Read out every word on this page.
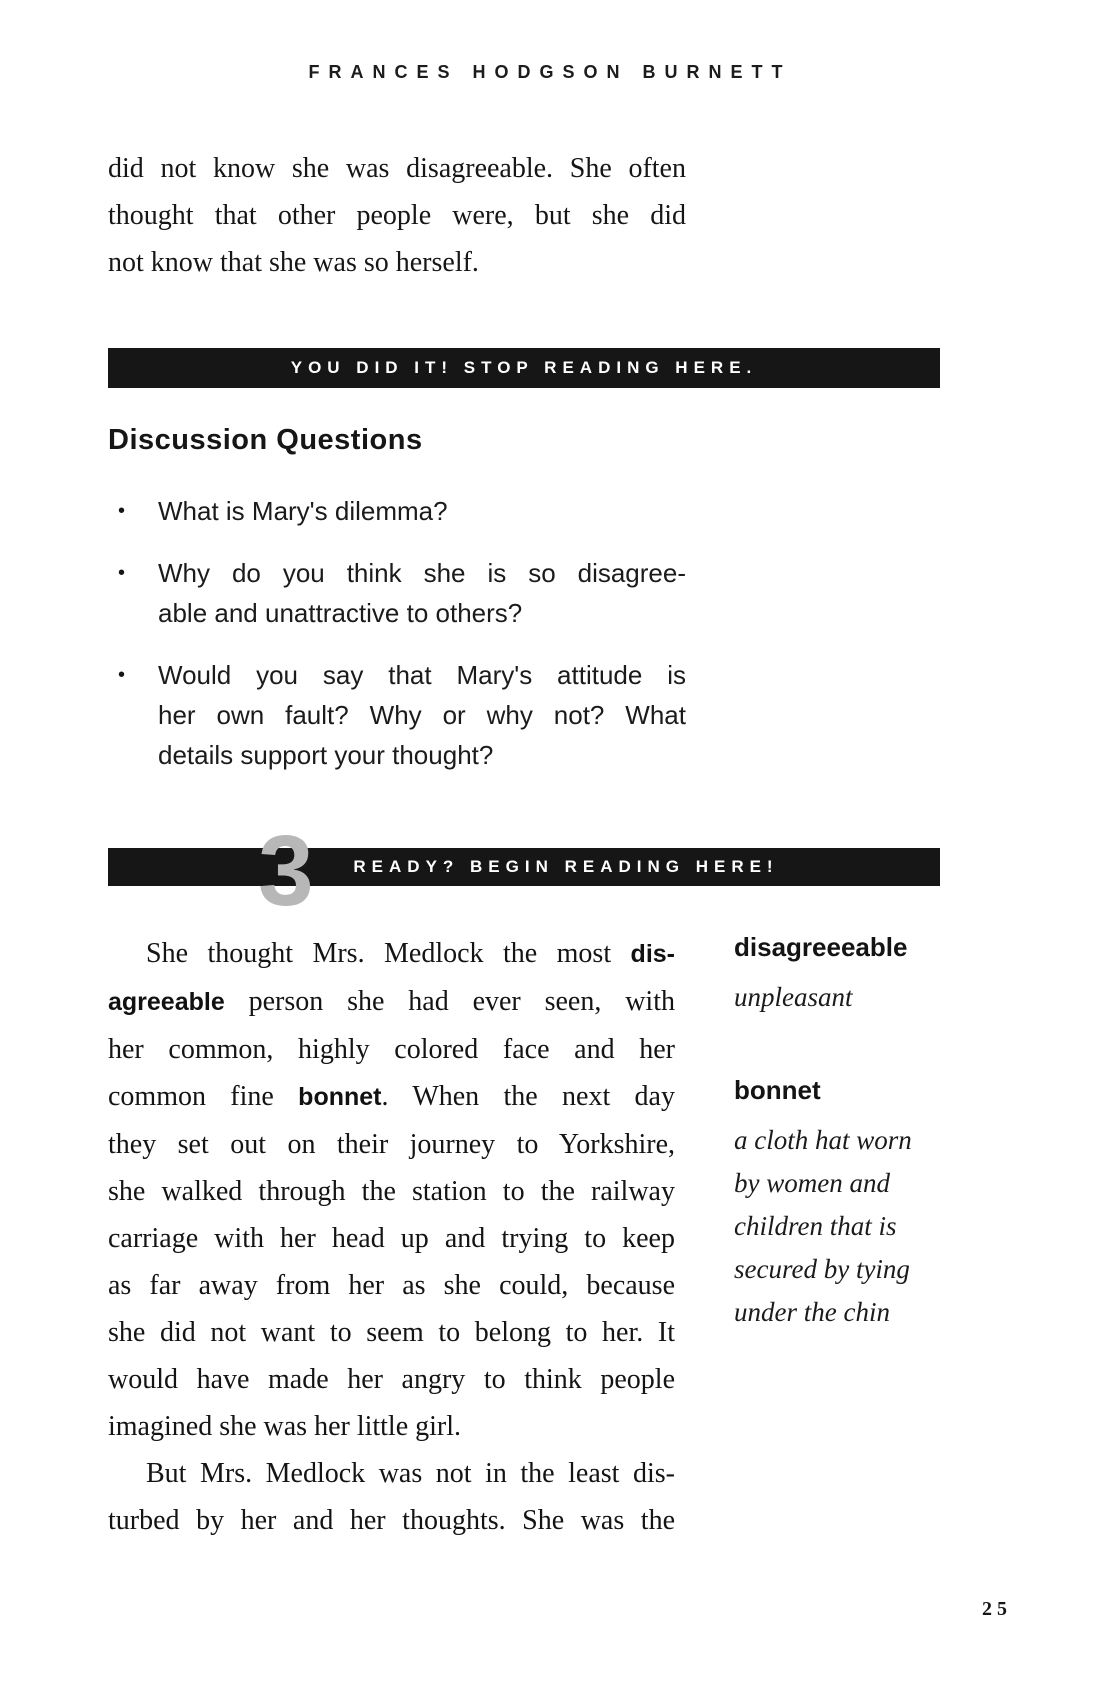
FRANCES HODGSON BURNETT
did not know she was disagreeable. She often
thought that other people were, but she did
not know that she was so herself.
YOU DID IT! STOP READING HERE.
Discussion Questions
• What is Mary's dilemma?
• Why do you think she is so disagree-
able and unattractive to others?
• Would you say that Mary's attitude is
her own fault? Why or why not? What
details support your thought?
3	READY? BEGIN READING HERE!
She thought Mrs. Medlock the most dis-
agreeable person she had ever seen, with
her common, highly colored face and her
common fine bonnet. When the next day
they set out on their journey to Yorkshire,
she walked through the station to the railway
carriage with her head up and trying to keep
as far away from her as she could, because
she did not want to seem to belong to her. It
would have made her angry to think people
imagined she was her little girl.
But Mrs. Medlock was not in the least dis-
turbed by her and her thoughts. She was the
disagreeeable
unpleasant
bonnet
a cloth hat worn
by women and
children that is
secured by tying
under the chin
25
